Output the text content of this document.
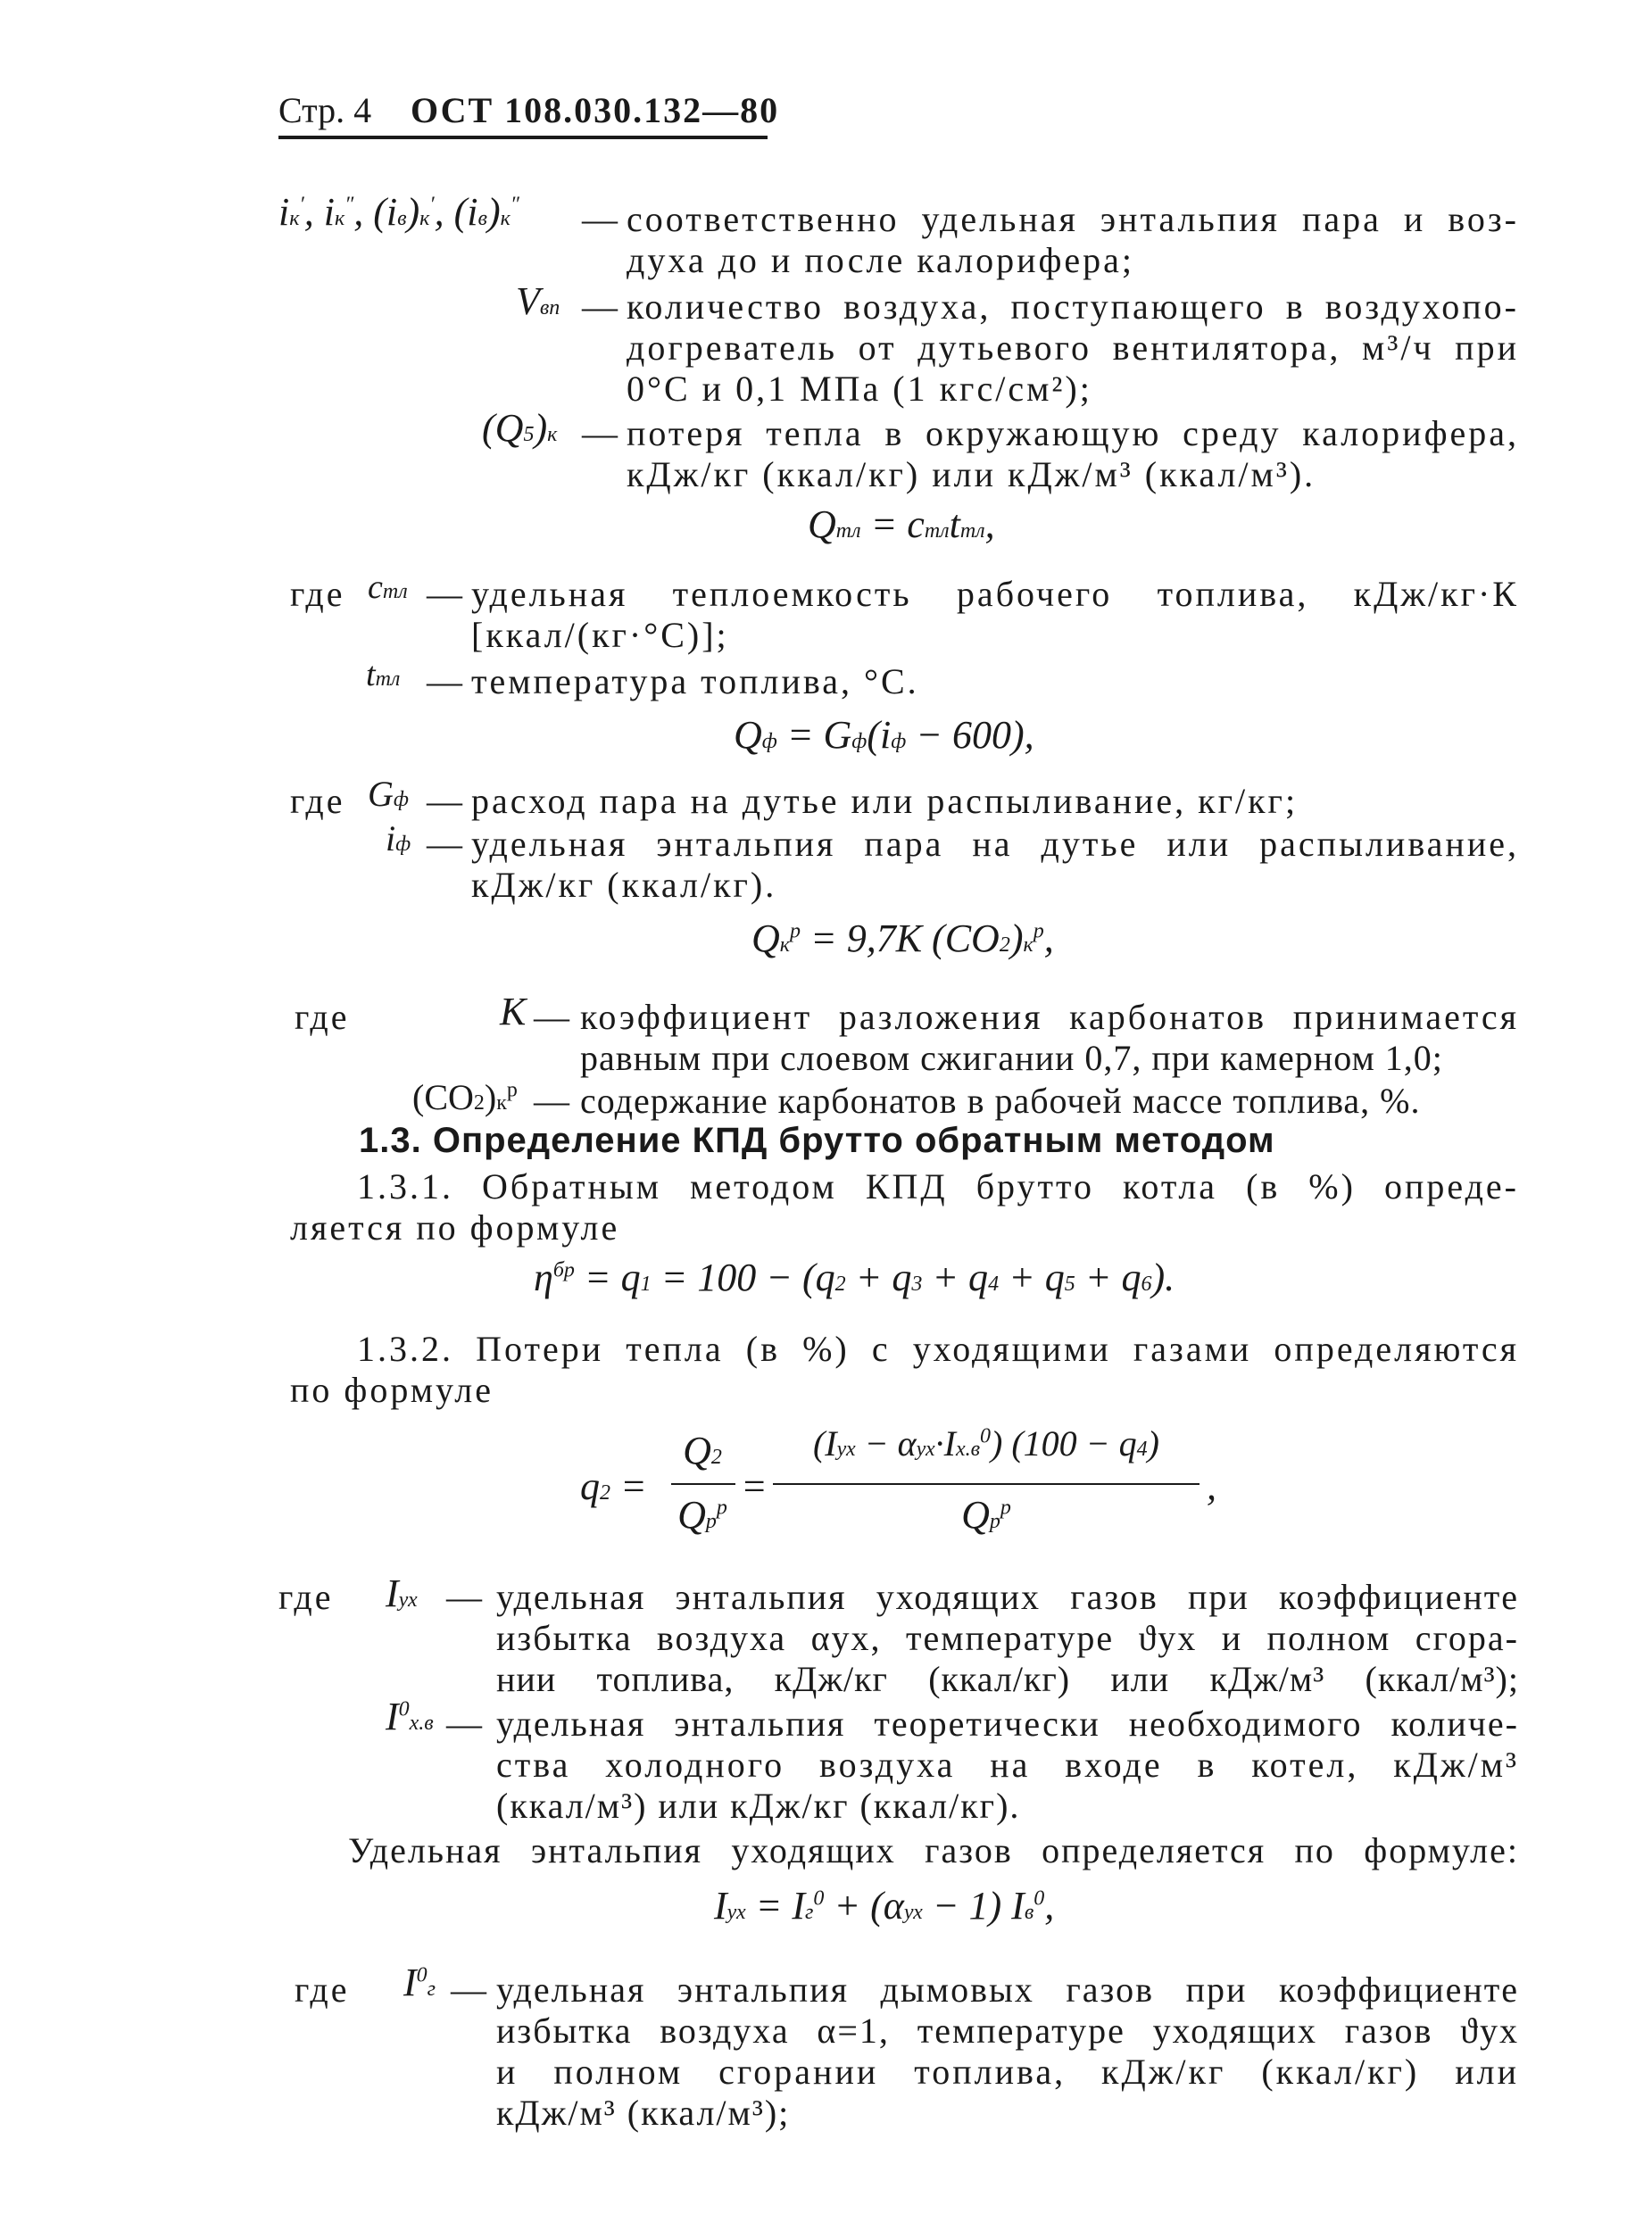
Стр. 4 ОСТ 108.030.132—80
iк′, iк″, (iв)к′, (iв)к″ — соответственно удельная энтальпия пара и воз-
духа до и после калорифера;
Vвп — количество воздуха, поступающего в воздухопо-
догреватель от дутьевого вентилятора, м³/ч при
0°С и 0,1 МПа (1 кгс/см²);
(Q5)к — потеря тепла в окружающую среду калорифера,
кДж/кг (ккал/кг) или кДж/м³ (ккал/м³).
Qтл = cтлtтл,
где cтл — удельная теплоемкость рабочего топлива, кДж/кг·К
[ккал/(кг·°С)];
tтл — температура топлива, °С.
Qф = Gф(iф − 600),
где Gф — расход пара на дутье или распыливание, кг/кг;
iф — удельная энтальпия пара на дутье или распыливание,
кДж/кг (ккал/кг).
$Qк^р = 9,7K$ $(CO2)к^р$,
где	K — коэффициент разложения карбонатов принимается
равным при слоевом сжигании 0,7, при камерном 1,0;
$(CO2)к^р$ — содержание карбонатов в рабочей массе топлива, %.
1.3. Определение КПД брутто обратным методом
1.3.1. Обратным методом КПД брутто котла (в %) опреде-
ляется по формуле
$\eta^{бр} = q1 = 100 - (q2 + q3 + q4 + q5 + q6)$.
1.3.2. Потери тепла (в %) с уходящими газами определяются
по формуле
q2 =
Q2
$Qр^р$ =
$(Iух - \alpha ух\cdot Iх.в^0)$ (100 − q4)
$Qр^р$	,
где Iух — удельная энтальпия уходящих газов при коэффициенте
избытка воздуха αух, температуре ϑух и полном сгора-
нии топлива, кДж/кг (ккал/кг) или кДж/м³ (ккал/м³);
$I^0х.в$ — удельная энтальпия теоретически необходимого количе-
ства холодного воздуха на входе в котел, кДж/м³
(ккал/м³) или кДж/кг (ккал/кг).
Удельная энтальпия уходящих газов определяется по формуле:
Iух = $Iг^0 + (\alpha ух - 1)$ $Iв^0$,
где $I^0г$ — удельная энтальпия дымовых газов при коэффициенте
избытка воздуха α=1, температуре уходящих газов ϑух
и полном сгорании топлива, кДж/кг (ккал/кг) или
кДж/м³ (ккал/м³);
